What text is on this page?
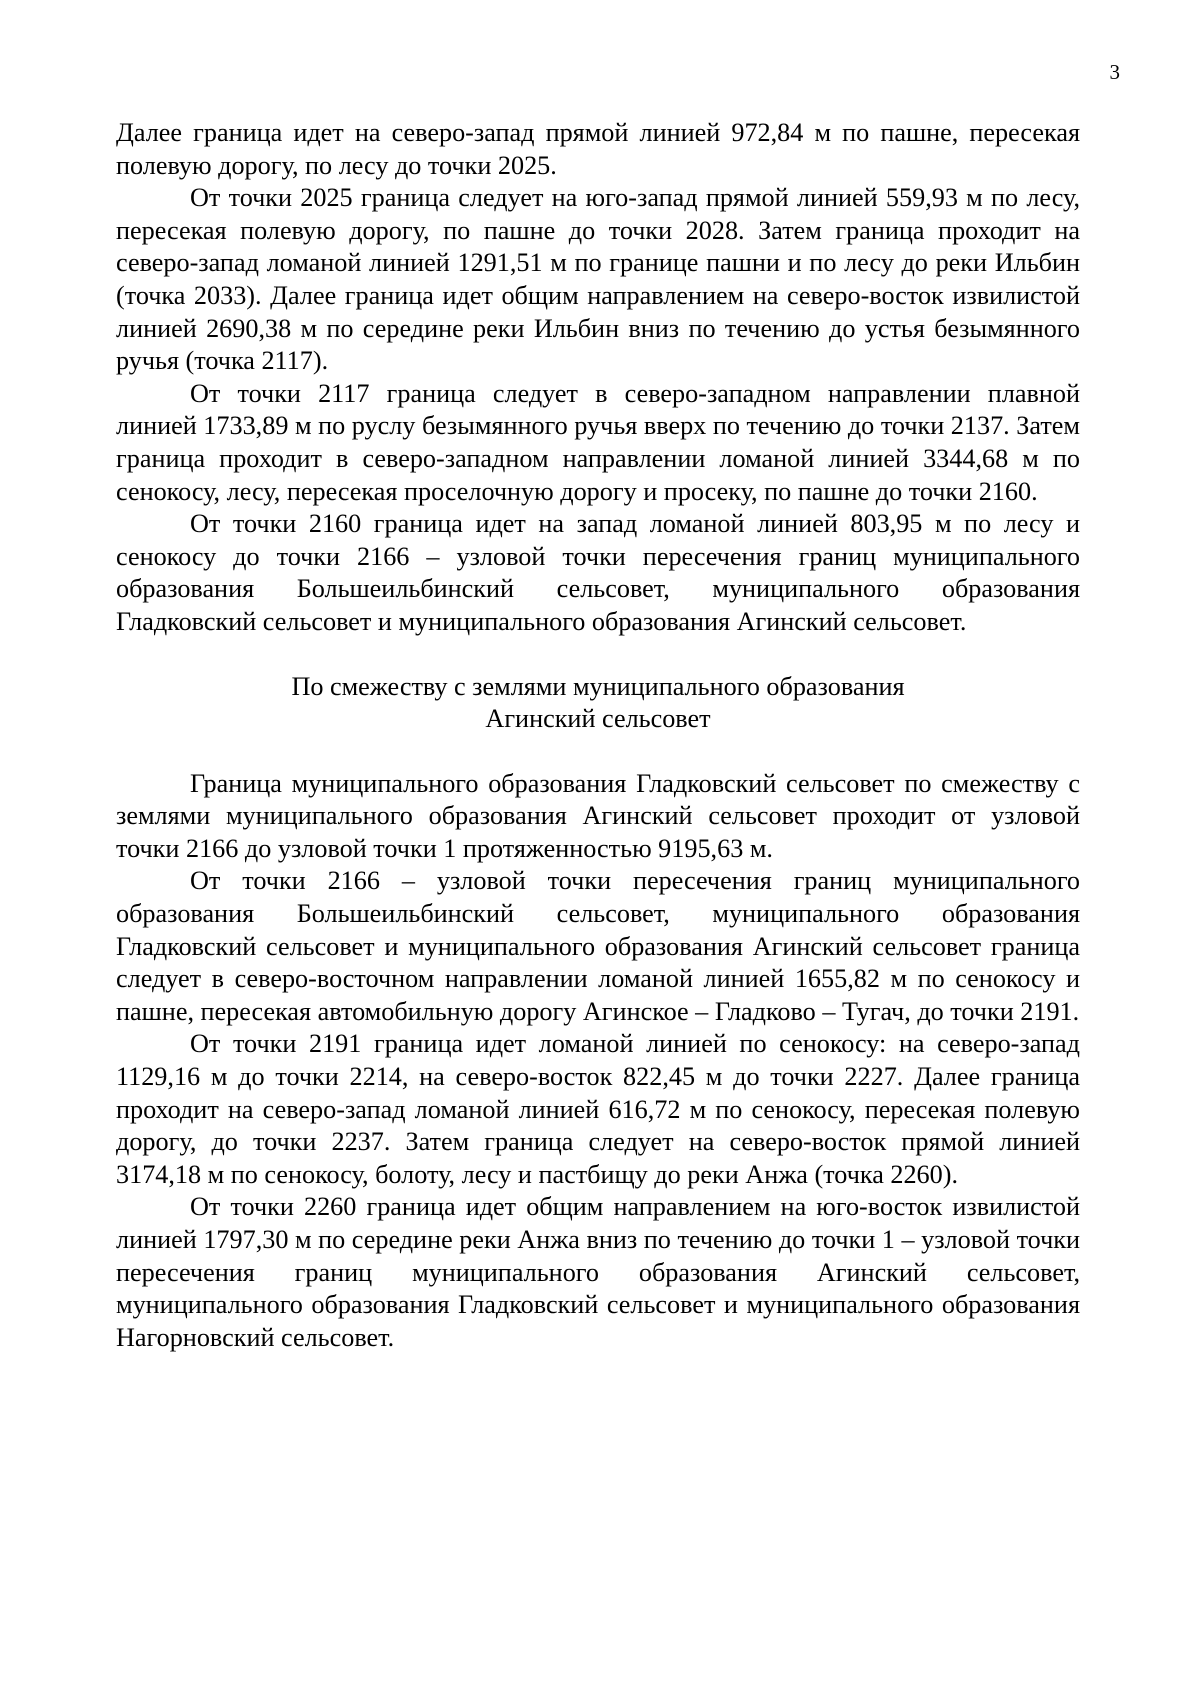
3

Далее граница идет на северо-запад прямой линией 972,84 м по пашне, пересекая полевую дорогу, по лесу до точки 2025.

От точки 2025 граница следует на юго-запад прямой линией 559,93 м по лесу, пересекая полевую дорогу, по пашне до точки 2028. Затем граница проходит на северо-запад ломаной линией 1291,51 м по границе пашни и по лесу до реки Ильбин (точка 2033). Далее граница идет общим направлением на северо-восток извилистой линией 2690,38 м по середине реки Ильбин вниз по течению до устья безымянного ручья (точка 2117).

От точки 2117 граница следует в северо-западном направлении плавной линией 1733,89 м по руслу безымянного ручья вверх по течению до точки 2137. Затем граница проходит в северо-западном направлении ломаной линией 3344,68 м по сенокосу, лесу, пересекая проселочную дорогу и просеку, по пашне до точки 2160.

От точки 2160 граница идет на запад ломаной линией 803,95 м по лесу и сенокосу до точки 2166 – узловой точки пересечения границ муниципального образования Большеильбинский сельсовет, муниципального образования Гладковский сельсовет и муниципального образования Агинский сельсовет.

По смежеству с землями муниципального образования
Агинский сельсовет

Граница муниципального образования Гладковский сельсовет по смежеству с землями муниципального образования Агинский сельсовет проходит от узловой точки 2166 до узловой точки 1 протяженностью 9195,63 м.

От точки 2166 – узловой точки пересечения границ муниципального образования Большеильбинский сельсовет, муниципального образования Гладковский сельсовет и муниципального образования Агинский сельсовет граница следует в северо-восточном направлении ломаной линией 1655,82 м по сенокосу и пашне, пересекая автомобильную дорогу Агинское – Гладково – Тугач, до точки 2191.

От точки 2191 граница идет ломаной линией по сенокосу: на северо-запад 1129,16 м до точки 2214, на северо-восток 822,45 м до точки 2227. Далее граница проходит на северо-запад ломаной линией 616,72 м по сенокосу, пересекая полевую дорогу, до точки 2237. Затем граница следует на северо-восток прямой линией 3174,18 м по сенокосу, болоту, лесу и пастбищу до реки Анжа (точка 2260).

От точки 2260 граница идет общим направлением на юго-восток извилистой линией 1797,30 м по середине реки Анжа вниз по течению до точки 1 – узловой точки пересечения границ муниципального образования Агинский сельсовет, муниципального образования Гладковский сельсовет и муниципального образования Нагорновский сельсовет.
